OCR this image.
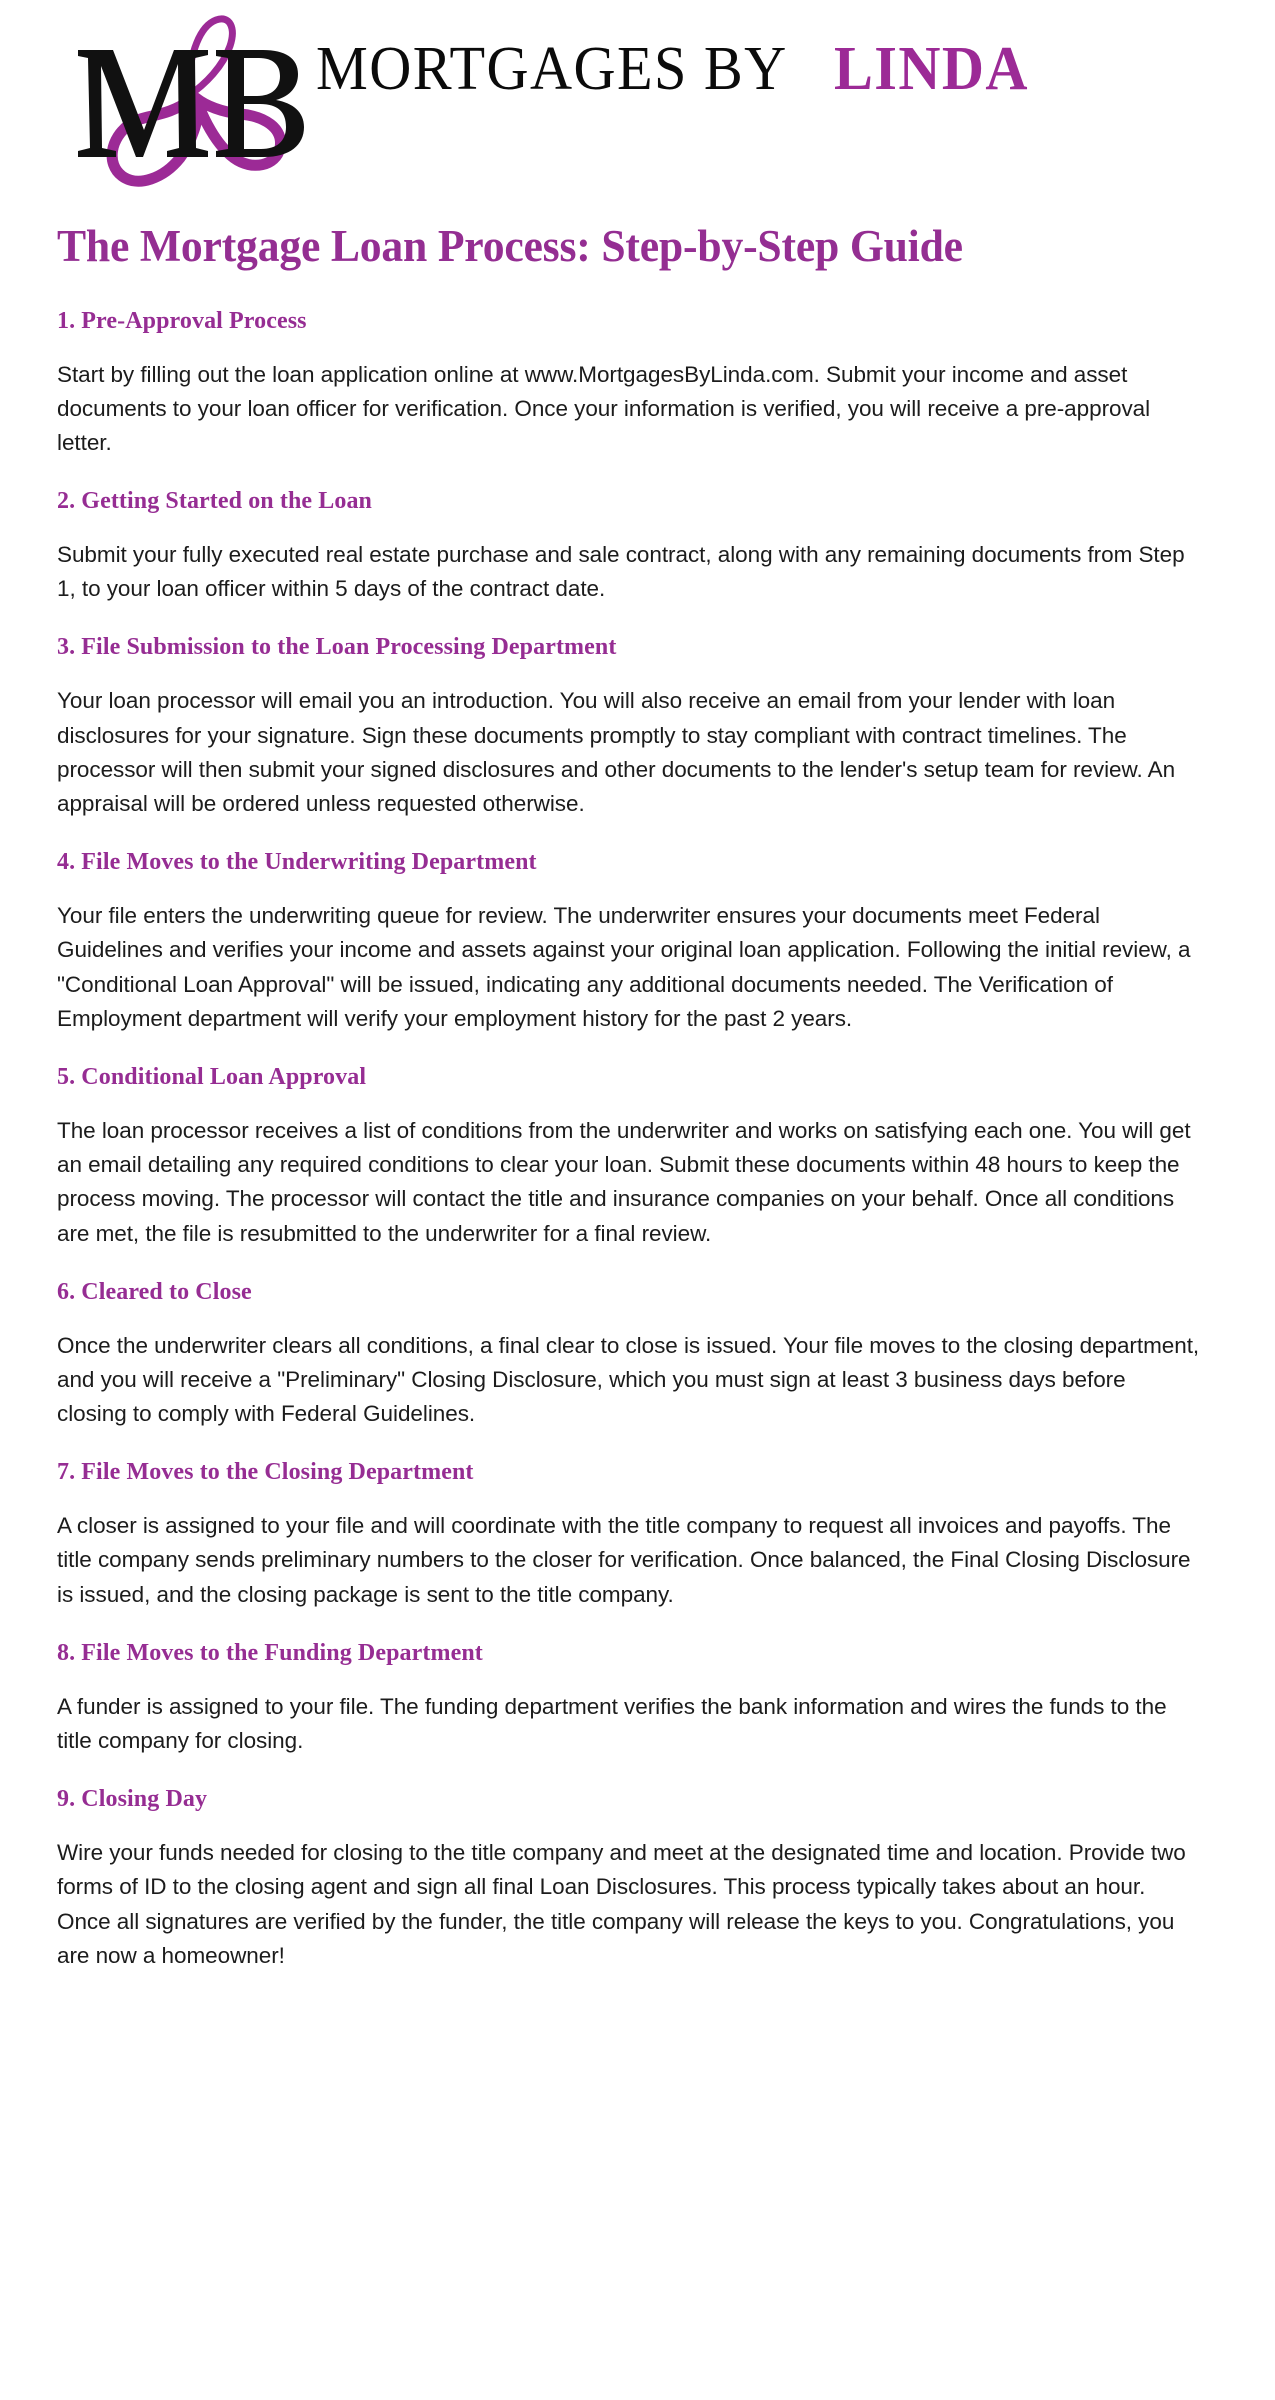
MORTGAGES BY LINDA
The Mortgage Loan Process: Step-by-Step Guide
1. Pre-Approval Process

Start by filling out the loan application online at www.MortgagesByLinda.com. Submit your income and asset documents to your loan officer for verification. Once your information is verified, you will receive a pre-approval letter.

2. Getting Started on the Loan

Submit your fully executed real estate purchase and sale contract, along with any remaining documents from Step 1, to your loan officer within 5 days of the contract date.

3. File Submission to the Loan Processing Department

Your loan processor will email you an introduction. You will also receive an email from your lender with loan disclosures for your signature. Sign these documents promptly to stay compliant with contract timelines. The processor will then submit your signed disclosures and other documents to the lender's setup team for review. An appraisal will be ordered unless requested otherwise.

4. File Moves to the Underwriting Department

Your file enters the underwriting queue for review. The underwriter ensures your documents meet Federal Guidelines and verifies your income and assets against your original loan application. Following the initial review, a "Conditional Loan Approval" will be issued, indicating any additional documents needed. The Verification of Employment department will verify your employment history for the past 2 years.

5. Conditional Loan Approval

The loan processor receives a list of conditions from the underwriter and works on satisfying each one. You will get an email detailing any required conditions to clear your loan. Submit these documents within 48 hours to keep the process moving. The processor will contact the title and insurance companies on your behalf. Once all conditions are met, the file is resubmitted to the underwriter for a final review.

6. Cleared to Close

Once the underwriter clears all conditions, a final clear to close is issued. Your file moves to the closing department, and you will receive a "Preliminary" Closing Disclosure, which you must sign at least 3 business days before closing to comply with Federal Guidelines.

7. File Moves to the Closing Department

A closer is assigned to your file and will coordinate with the title company to request all invoices and payoffs. The title company sends preliminary numbers to the closer for verification. Once balanced, the Final Closing Disclosure is issued, and the closing package is sent to the title company.

8. File Moves to the Funding Department

A funder is assigned to your file. The funding department verifies the bank information and wires the funds to the title company for closing.

9. Closing Day

Wire your funds needed for closing to the title company and meet at the designated time and location. Provide two forms of ID to the closing agent and sign all final Loan Disclosures. This process typically takes about an hour. Once all signatures are verified by the funder, the title company will release the keys to you. Congratulations, you are now a homeowner!
